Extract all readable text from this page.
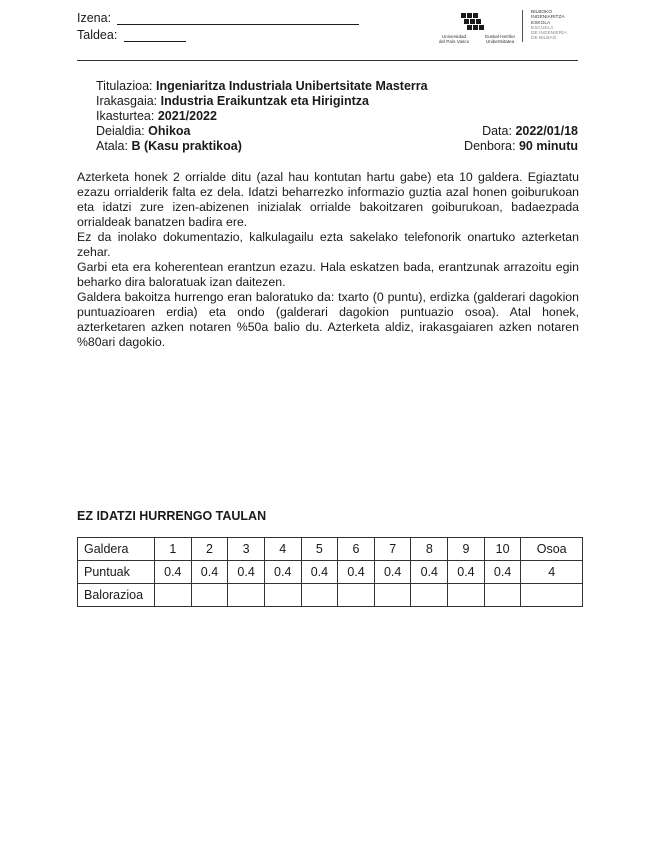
Izena:
Taldea:	Universidad
del País Vasco
Euskal Herriko
Unibertsitatea
BILBOKO
INGENIARITZA
ESKOLA
ESCUELA
DE INGENIERÍA
DE BILBAO
Titulazioa: Ingeniaritza Industriala Unibertsitate Masterra
Irakasgaia: Industria Eraikuntzak eta Hirigintza
Ikasturtea: 2021/2022
Deialdia: Ohikoa
Atala: B (Kasu praktikoa)
Data: 2022/01/18
Denbora: 90 minutu

Azterketa honek 2 orrialde ditu (azal hau kontutan hartu gabe) eta 10 galdera. Egiaztatu ezazu orrialderik falta ez dela. Idatzi beharrezko informazio guztia azal honen goiburukoan eta idatzi zure izen-abizenen inizialak orrialde bakoitzaren goiburukoan, badaezpada orrialdeak banatzen badira ere.

Ez da inolako dokumentazio, kalkulagailu ezta sakelako telefonorik onartuko azterketan zehar.

Garbi eta era koherentean erantzun ezazu. Hala eskatzen bada, erantzunak arrazoitu egin beharko dira baloratuak izan daitezen.

Galdera bakoitza hurrengo eran baloratuko da: txarto (0 puntu), erdizka (galderari dagokion puntuazioaren erdia) eta ondo (galderari dagokion puntuazio osoa). Atal honek, azterketaren azken notaren %50a balio du. Azterketa aldiz, irakasgaiaren azken notaren %80ari dagokio.

EZ IDATZI HURRENGO TAULAN
Galdera	1	2	3	4	5	6	7	8	9	10	Osoa
Puntuak	0.4	0.4	0.4	0.4	0.4	0.4	0.4	0.4	0.4	0.4	4
Balorazioa											
